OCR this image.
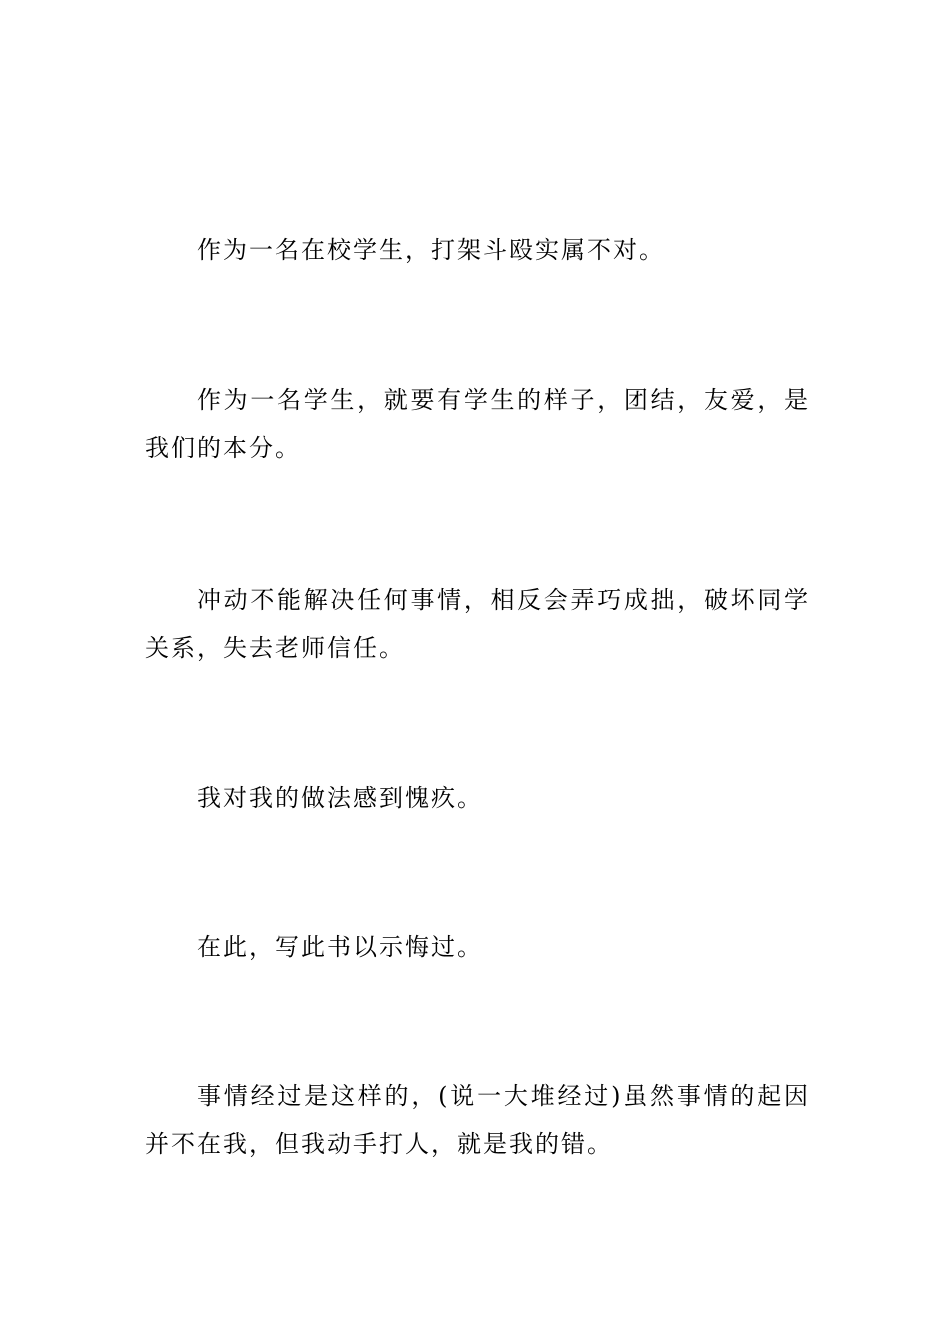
作为一名在校学生，打架斗殴实属不对。

作为一名学生，就要有学生的样子，团结，友爱，是我们的本分。

冲动不能解决任何事情，相反会弄巧成拙，破坏同学关系，失去老师信任。

我对我的做法感到愧疚。

在此，写此书以示悔过。

事情经过是这样的，(说一大堆经过)虽然事情的起因并不在我，但我动手打人，就是我的错。
